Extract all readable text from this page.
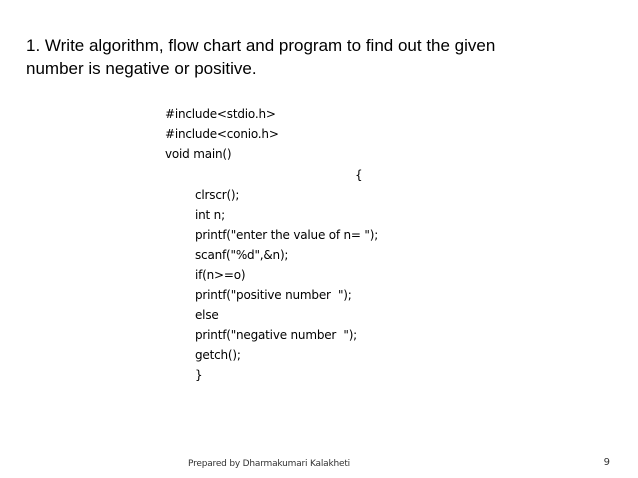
1. Write algorithm, flow chart and program to find out the given
number is negative or positive.
#include<stdio.h>
#include<conio.h>
void main()
{
clrscr();
int n;
printf("enter the value of n= ");
scanf("%d",&n);
if(n>=o)
printf("positive number  ");
else
printf("negative number  ");
getch();
}
Prepared by Dharmakumari Kalakheti	9
